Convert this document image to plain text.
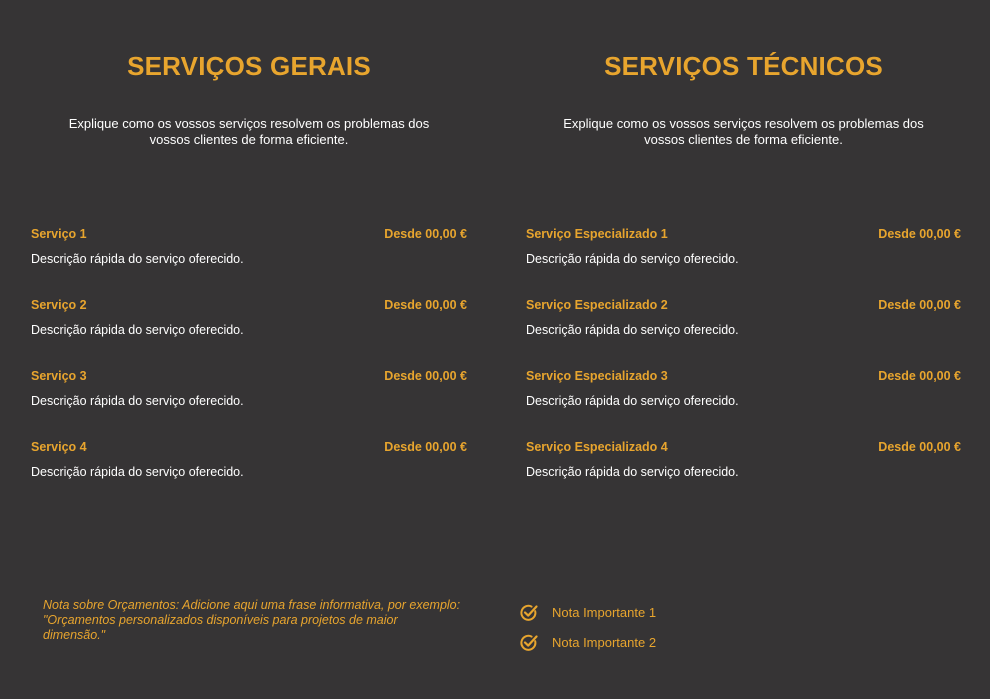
SERVIÇOS GERAIS

Explique como os vossos serviços resolvem os problemas dos vossos clientes de forma eficiente.

Serviço 1	Desde 00,00 €
Descrição rápida do serviço oferecido.
Serviço 2	Desde 00,00 €
Descrição rápida do serviço oferecido.
Serviço 3	Desde 00,00 €
Descrição rápida do serviço oferecido.
Serviço 4	Desde 00,00 €
Descrição rápida do serviço oferecido.
SERVIÇOS TÉCNICOS

Explique como os vossos serviços resolvem os problemas dos vossos clientes de forma eficiente.

Serviço Especializado 1	Desde 00,00 €
Descrição rápida do serviço oferecido.
Serviço Especializado 2	Desde 00,00 €
Descrição rápida do serviço oferecido.
Serviço Especializado 3	Desde 00,00 €
Descrição rápida do serviço oferecido.
Serviço Especializado 4	Desde 00,00 €
Descrição rápida do serviço oferecido.

Nota sobre Orçamentos: Adicione aqui uma frase informativa, por exemplo: "Orçamentos personalizados disponíveis para projetos de maior dimensão."

Nota Importante 1
Nota Importante 2
